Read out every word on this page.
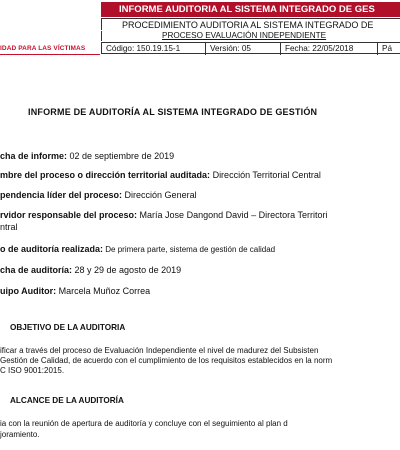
IDAD PARA LAS VÍCTIMAS
INFORME AUDITORIA AL SISTEMA INTEGRADO DE GES
PROCEDIMIENTO AUDITORIA AL SISTEMA INTEGRADO DE
PROCESO EVALUACIÓN INDEPENDIENTE
Código: 150.19.15-1	Versión: 05	Fecha: 22/05/2018	Pá
INFORME DE AUDITORÍA AL SISTEMA INTEGRADO DE GESTIÓN
cha de informe: 02 de septiembre de 2019
mbre del proceso o dirección territorial auditada: Dirección Territorial Central
pendencia líder del proceso: Dirección General
rvidor responsable del proceso: María Jose Dangond David – Directora Territori
ntral
o de auditoría realizada: De primera parte, sistema de gestión de calidad
cha de auditoría: 28 y 29 de agosto de 2019
uipo Auditor: Marcela Muñoz Correa
OBJETIVO DE LA AUDITORIA
ificar a través del proceso de Evaluación Independiente el nivel de madurez del Subsisten
Gestión de Calidad, de acuerdo con el cumplimiento de los requisitos establecidos en la norm
C ISO 9001:2015.
ALCANCE DE LA AUDITORÍA
ia con la reunión de apertura de auditoría y concluye con el seguimiento al plan d
joramiento.
